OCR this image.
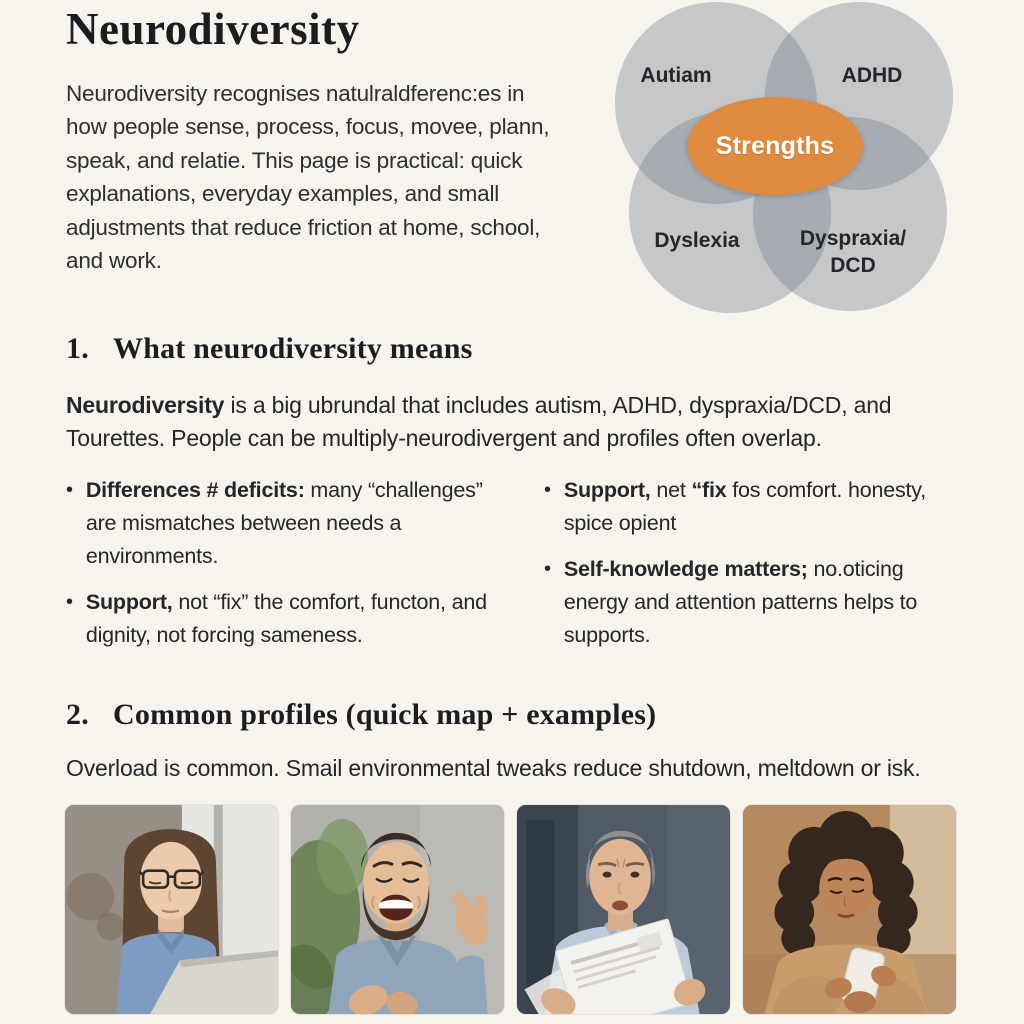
Neurodiversity

Neurodiversity recognises natulraldferenc:es in how people sense, process, focus, movee, plann, speak, and relatie. This page is practical: quick explanations, everyday examples, and small adjustments that reduce friction at home, school, and work.

Strengths
Autiam	ADHD
Dyslexia	Dyspraxia/
DCD
1. What neurodiversity means

Neurodiversity is a big ubrundal that includes autism, ADHD, dyspraxia/DCD, and Tourettes. People can be multiply-neurodivergent and profiles often overlap.

• Differences # deficits: many “challenges” are mismatches between needs a environments.
• Support, not “fix” the comfort, functon, and dignity, not forcing sameness.
• Support, net “fix fos comfort. honesty, spice opient
• Self-knowledge matters; no.oticing energy and attention patterns helps to supports.
2. Common profiles (quick map + examples)

Overload is common. Smail environmental tweaks reduce shutdown, meltdown or isk.
